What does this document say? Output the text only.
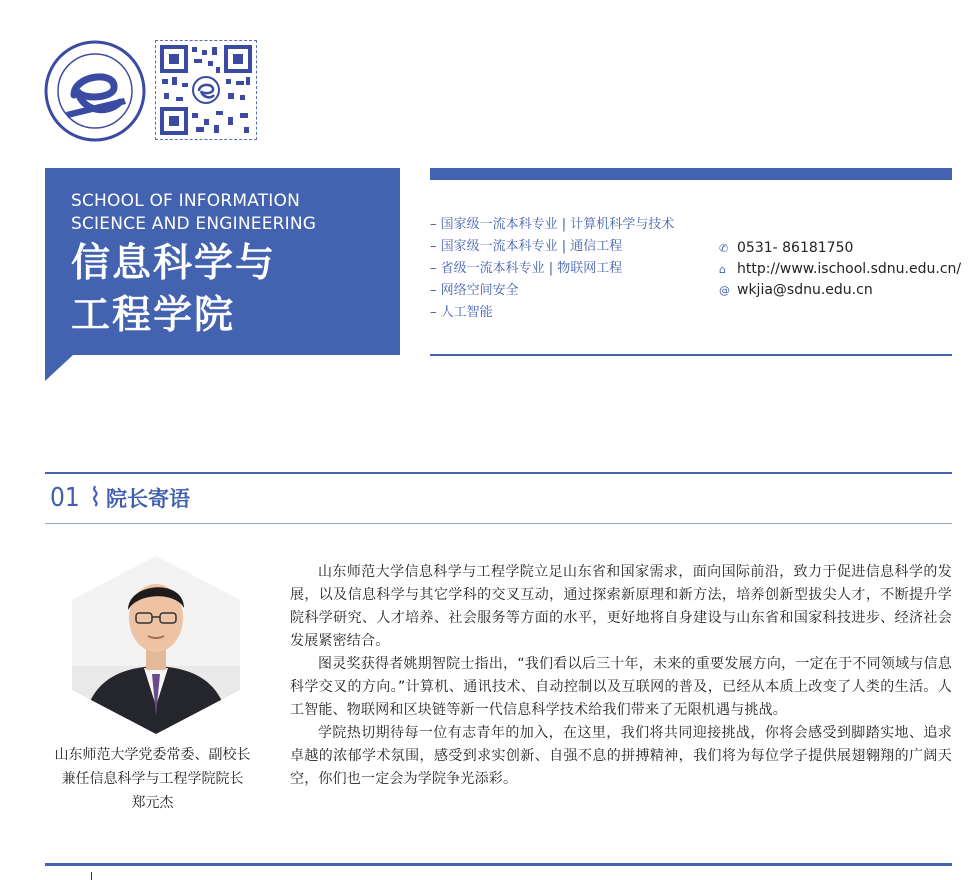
SCHOOL OF INFORMATION SCIENCE AND ENGINEERING
信息科学与
工程学院
– 国家级一流本科专业 | 计算机科学与技术
– 国家级一流本科专业 | 通信工程
– 省级一流本科专业 | 物联网工程
– 网络空间安全
– 人工智能
✆ 0531- 86181750
⌂ http://www.ischool.sdnu.edu.cn/
@ wkjia@sdnu.edu.cn
01 ⌇ 院长寄语
山东师范大学党委常委、副校长
兼任信息科学与工程学院院长
郑元杰

山东师范大学信息科学与工程学院立足山东省和国家需求，面向国际前沿，致力于促进信息科学的发展，以及信息科学与其它学科的交叉互动，通过探索新原理和新方法，培养创新型拔尖人才，不断提升学院科学研究、人才培养、社会服务等方面的水平，更好地将自身建设与山东省和国家科技进步、经济社会发展紧密结合。

图灵奖获得者姚期智院士指出，“我们看以后三十年，未来的重要发展方向，一定在于不同领域与信息科学交叉的方向。”计算机、通讯技术、自动控制以及互联网的普及，已经从本质上改变了人类的生活。人工智能、物联网和区块链等新一代信息科学技术给我们带来了无限机遇与挑战。

学院热切期待每一位有志青年的加入，在这里，我们将共同迎接挑战，你将会感受到脚踏实地、追求卓越的浓郁学术氛围，感受到求实创新、自强不息的拼搏精神，我们将为每位学子提供展翅翱翔的广阔天空，你们也一定会为学院争光添彩。
